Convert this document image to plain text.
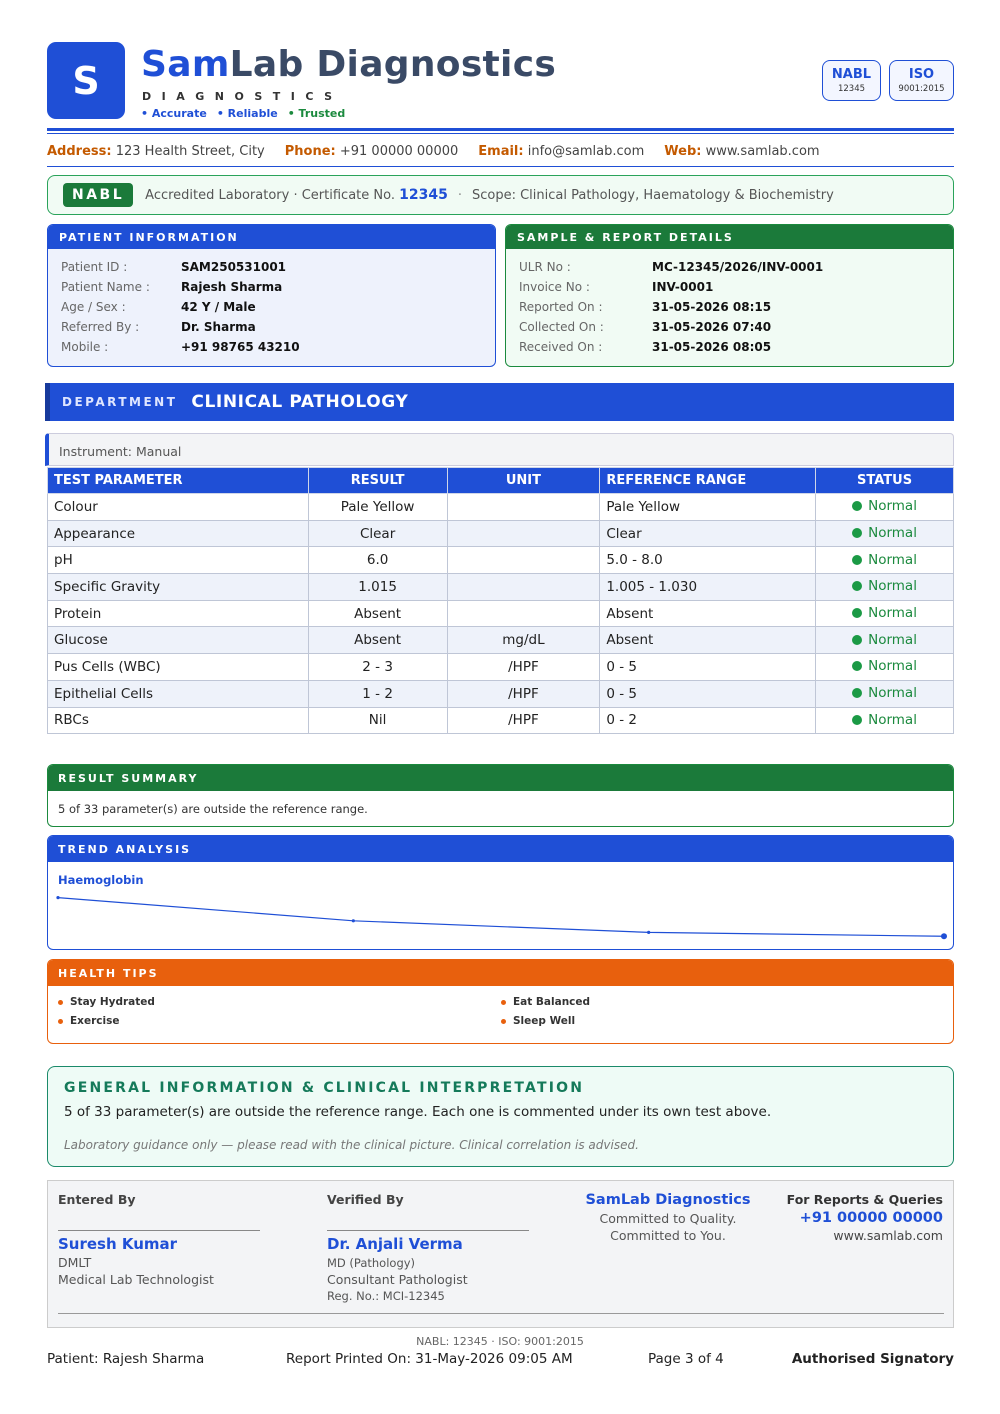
S SamLab Diagnostics
DIAGNOSTICS
• Accurate • Reliable • Trusted
NABL
12345
ISO
9001:2015
Address: 123 Health Street, City Phone: +91 00000 00000 Email: info@samlab.com Web: www.samlab.com
NABL	Accredited Laboratory · Certificate No.
12345 · Scope: Clinical Pathology, Haematology & Biochemistry
PATIENT INFORMATION
Patient ID :	SAM250531001
Patient Name :	Rajesh Sharma
Age / Sex :	42 Y / Male
Referred By :	Dr. Sharma
Mobile :	+91 98765 43210
SAMPLE & REPORT DETAILS
ULR No :	MC-12345/2026/INV-0001
Invoice No :	INV-0001
Reported On :	31-05-2026 08:15
Collected On :	31-05-2026 07:40
Received On :	31-05-2026 08:05
DEPARTMENT CLINICAL PATHOLOGY
Instrument: Manual
TEST PARAMETER	RESULT	UNIT	REFERENCE RANGE	STATUS
Colour	Pale Yellow		Pale Yellow	Normal

Appearance	Clear		Clear	Normal

pH	6.0		5.0 - 8.0	Normal

Specific Gravity	1.015		1.005 - 1.030	Normal

Protein	Absent		Absent	Normal

Glucose	Absent	mg/dL	Absent	Normal

Pus Cells (WBC)	2 - 3	/HPF	0 - 5	Normal

Epithelial Cells	1 - 2	/HPF	0 - 5	Normal

RBCs	Nil	/HPF	0 - 2	Normal
RESULT SUMMARY
5 of 33 parameter(s) are outside the reference range.
TREND ANALYSIS
Haemoglobin
HEALTH TIPS
Stay Hydrated	Eat Balanced
Exercise	Sleep Well
GENERAL INFORMATION & CLINICAL INTERPRETATION
5 of 33 parameter(s) are outside the reference range. Each one is commented under its own test above.
Laboratory guidance only — please read with the clinical picture. Clinical correlation is advised.
Entered By
Suresh Kumar
DMLT
Medical Lab Technologist
Verified By
Dr. Anjali Verma
MD (Pathology)
Consultant Pathologist
Reg. No.: MCI-12345
SamLab Diagnostics
Committed to Quality.
Committed to You.
For Reports & Queries
+91 00000 00000
www.samlab.com
NABL: 12345 · ISO: 9001:2015
Patient: Rajesh Sharma	Report Printed On: 31-May-2026 09:05 AM	Page 3 of 4	Authorised Signatory
